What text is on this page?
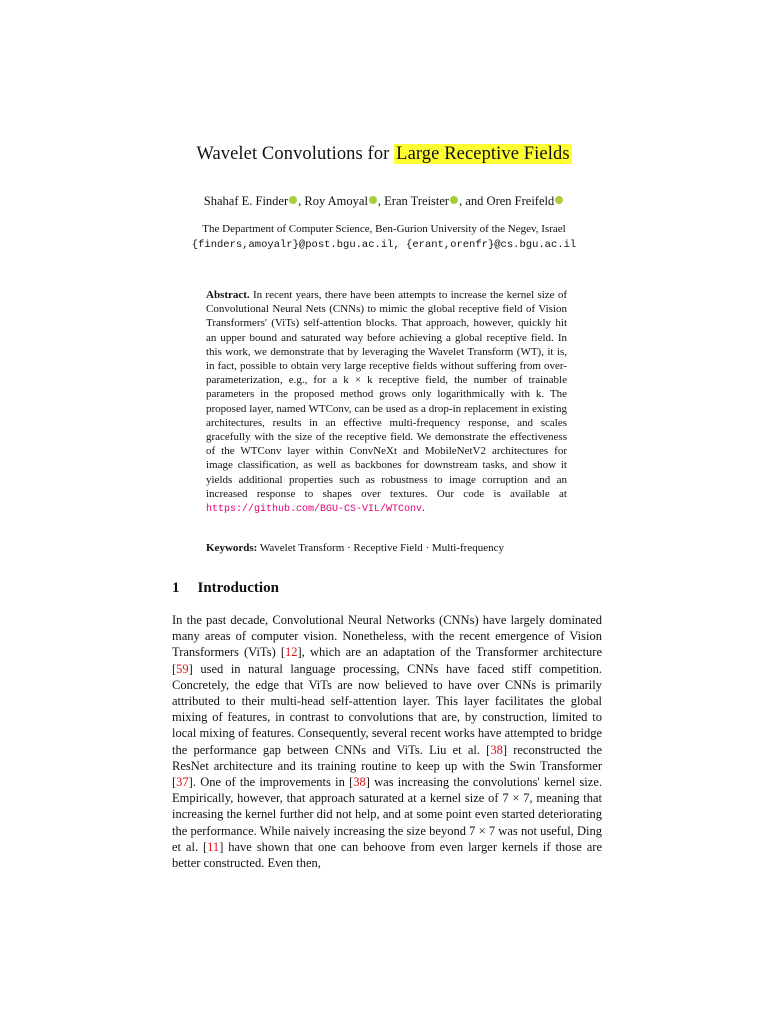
Wavelet Convolutions for Large Receptive Fields
Shahaf E. Finder , Roy Amoyal , Eran Treister , and Oren Freifeld
The Department of Computer Science, Ben-Gurion University of the Negev, Israel
{finders,amoyalr}@post.bgu.ac.il, {erant,orenfr}@cs.bgu.ac.il
Abstract. In recent years, there have been attempts to increase the kernel size of Convolutional Neural Nets (CNNs) to mimic the global receptive field of Vision Transformers' (ViTs) self-attention blocks. That approach, however, quickly hit an upper bound and saturated way before achieving a global receptive field. In this work, we demonstrate that by leveraging the Wavelet Transform (WT), it is, in fact, possible to obtain very large receptive fields without suffering from over-parameterization, e.g., for a k × k receptive field, the number of trainable parameters in the proposed method grows only logarithmically with k. The proposed layer, named WTConv, can be used as a drop-in replacement in existing architectures, results in an effective multi-frequency response, and scales gracefully with the size of the receptive field. We demonstrate the effectiveness of the WTConv layer within ConvNeXt and MobileNetV2 architectures for image classification, as well as backbones for downstream tasks, and show it yields additional properties such as robustness to image corruption and an increased response to shapes over textures. Our code is available at https://github.com/BGU-CS-VIL/WTConv.
Keywords: Wavelet Transform · Receptive Field · Multi-frequency
1 Introduction
In the past decade, Convolutional Neural Networks (CNNs) have largely dominated many areas of computer vision. Nonetheless, with the recent emergence of Vision Transformers (ViTs) [12], which are an adaptation of the Transformer architecture [59] used in natural language processing, CNNs have faced stiff competition. Concretely, the edge that ViTs are now believed to have over CNNs is primarily attributed to their multi-head self-attention layer. This layer facilitates the global mixing of features, in contrast to convolutions that are, by construction, limited to local mixing of features. Consequently, several recent works have attempted to bridge the performance gap between CNNs and ViTs. Liu et al. [38] reconstructed the ResNet architecture and its training routine to keep up with the Swin Transformer [37]. One of the improvements in [38] was increasing the convolutions' kernel size. Empirically, however, that approach saturated at a kernel size of 7 × 7, meaning that increasing the kernel further did not help, and at some point even started deteriorating the performance. While naively increasing the size beyond 7 × 7 was not useful, Ding et al. [11] have shown that one can behoove from even larger kernels if those are better constructed. Even then,
